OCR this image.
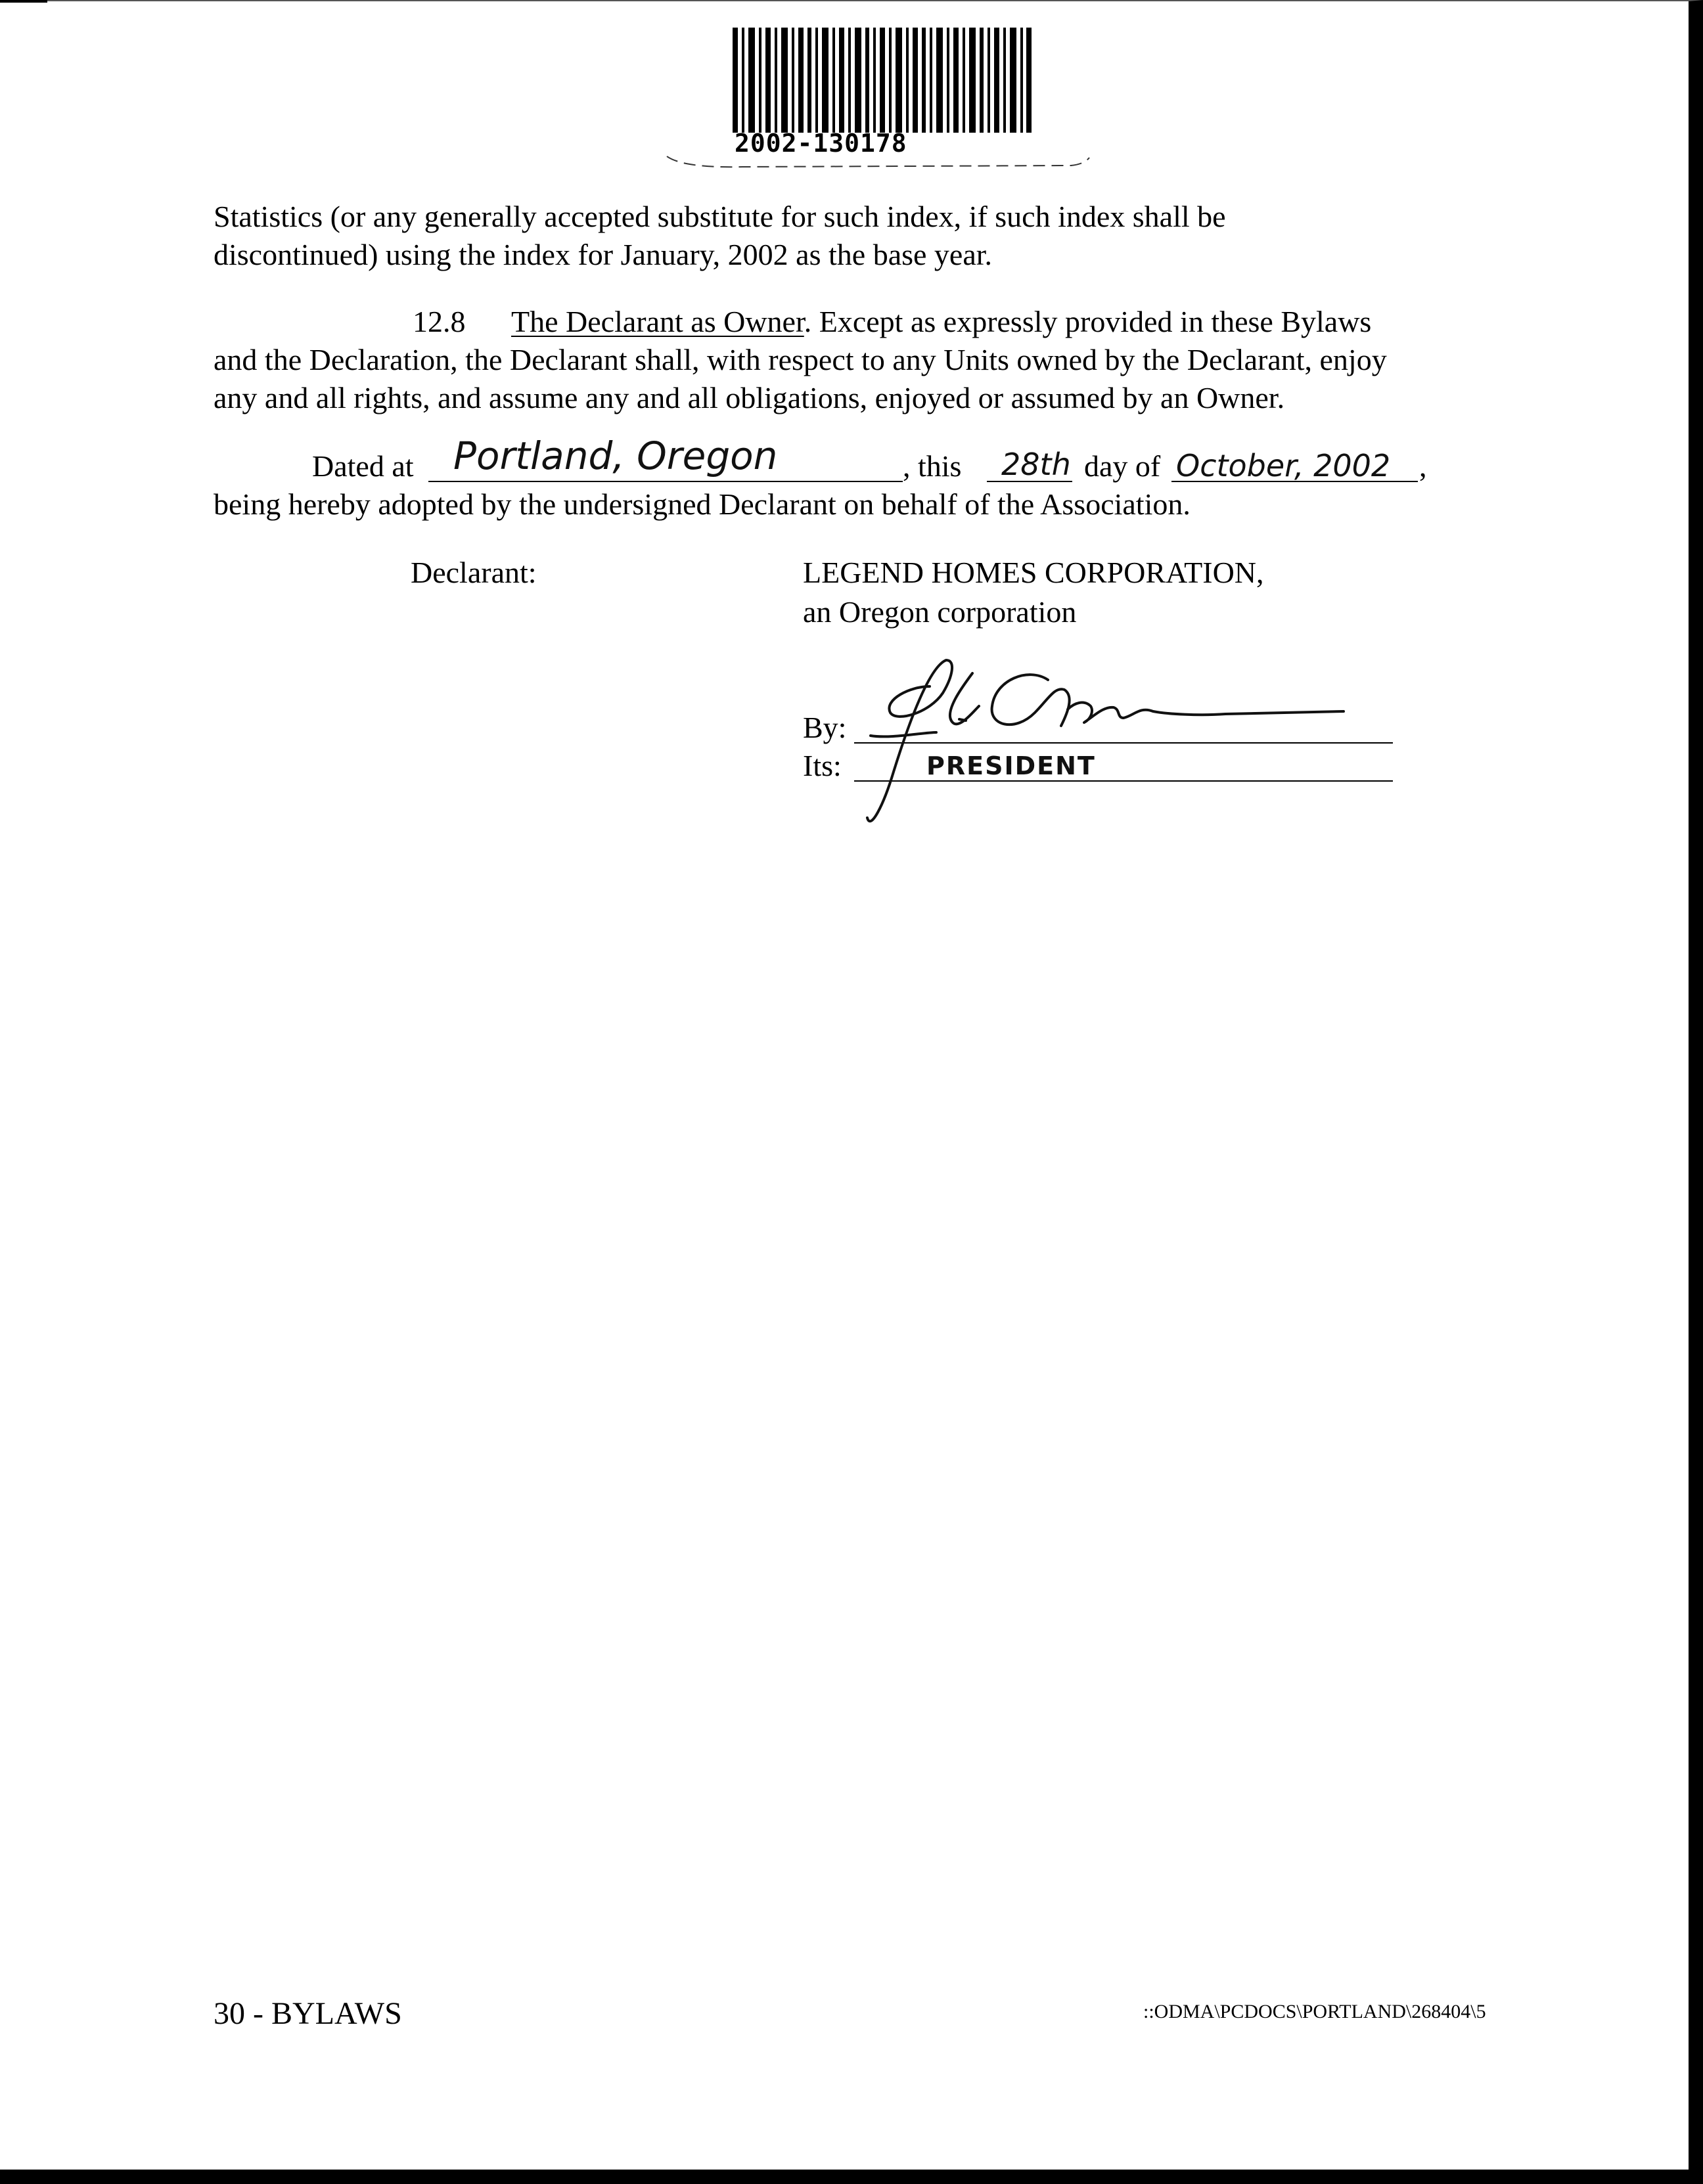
2002-130178
Statistics (or any generally accepted substitute for such index, if such index shall be
discontinued) using the index for January, 2002 as the base year.
12.8 The Declarant as Owner. Except as expressly provided in these Bylaws
and the Declaration, the Declarant shall, with respect to any Units owned by the Declarant, enjoy
any and all rights, and assume any and all obligations, enjoyed or assumed by an Owner.
Dated at Portland, Oregon	, this 28th day of October, 2002 ,
being hereby adopted by the undersigned Declarant on behalf of the Association.
Declarant:	LEGEND HOMES CORPORATION,
an Oregon corporation
By:
Its:	PRESIDENT
30 - BYLAWS	::ODMA\PCDOCS\PORTLAND\268404\5
